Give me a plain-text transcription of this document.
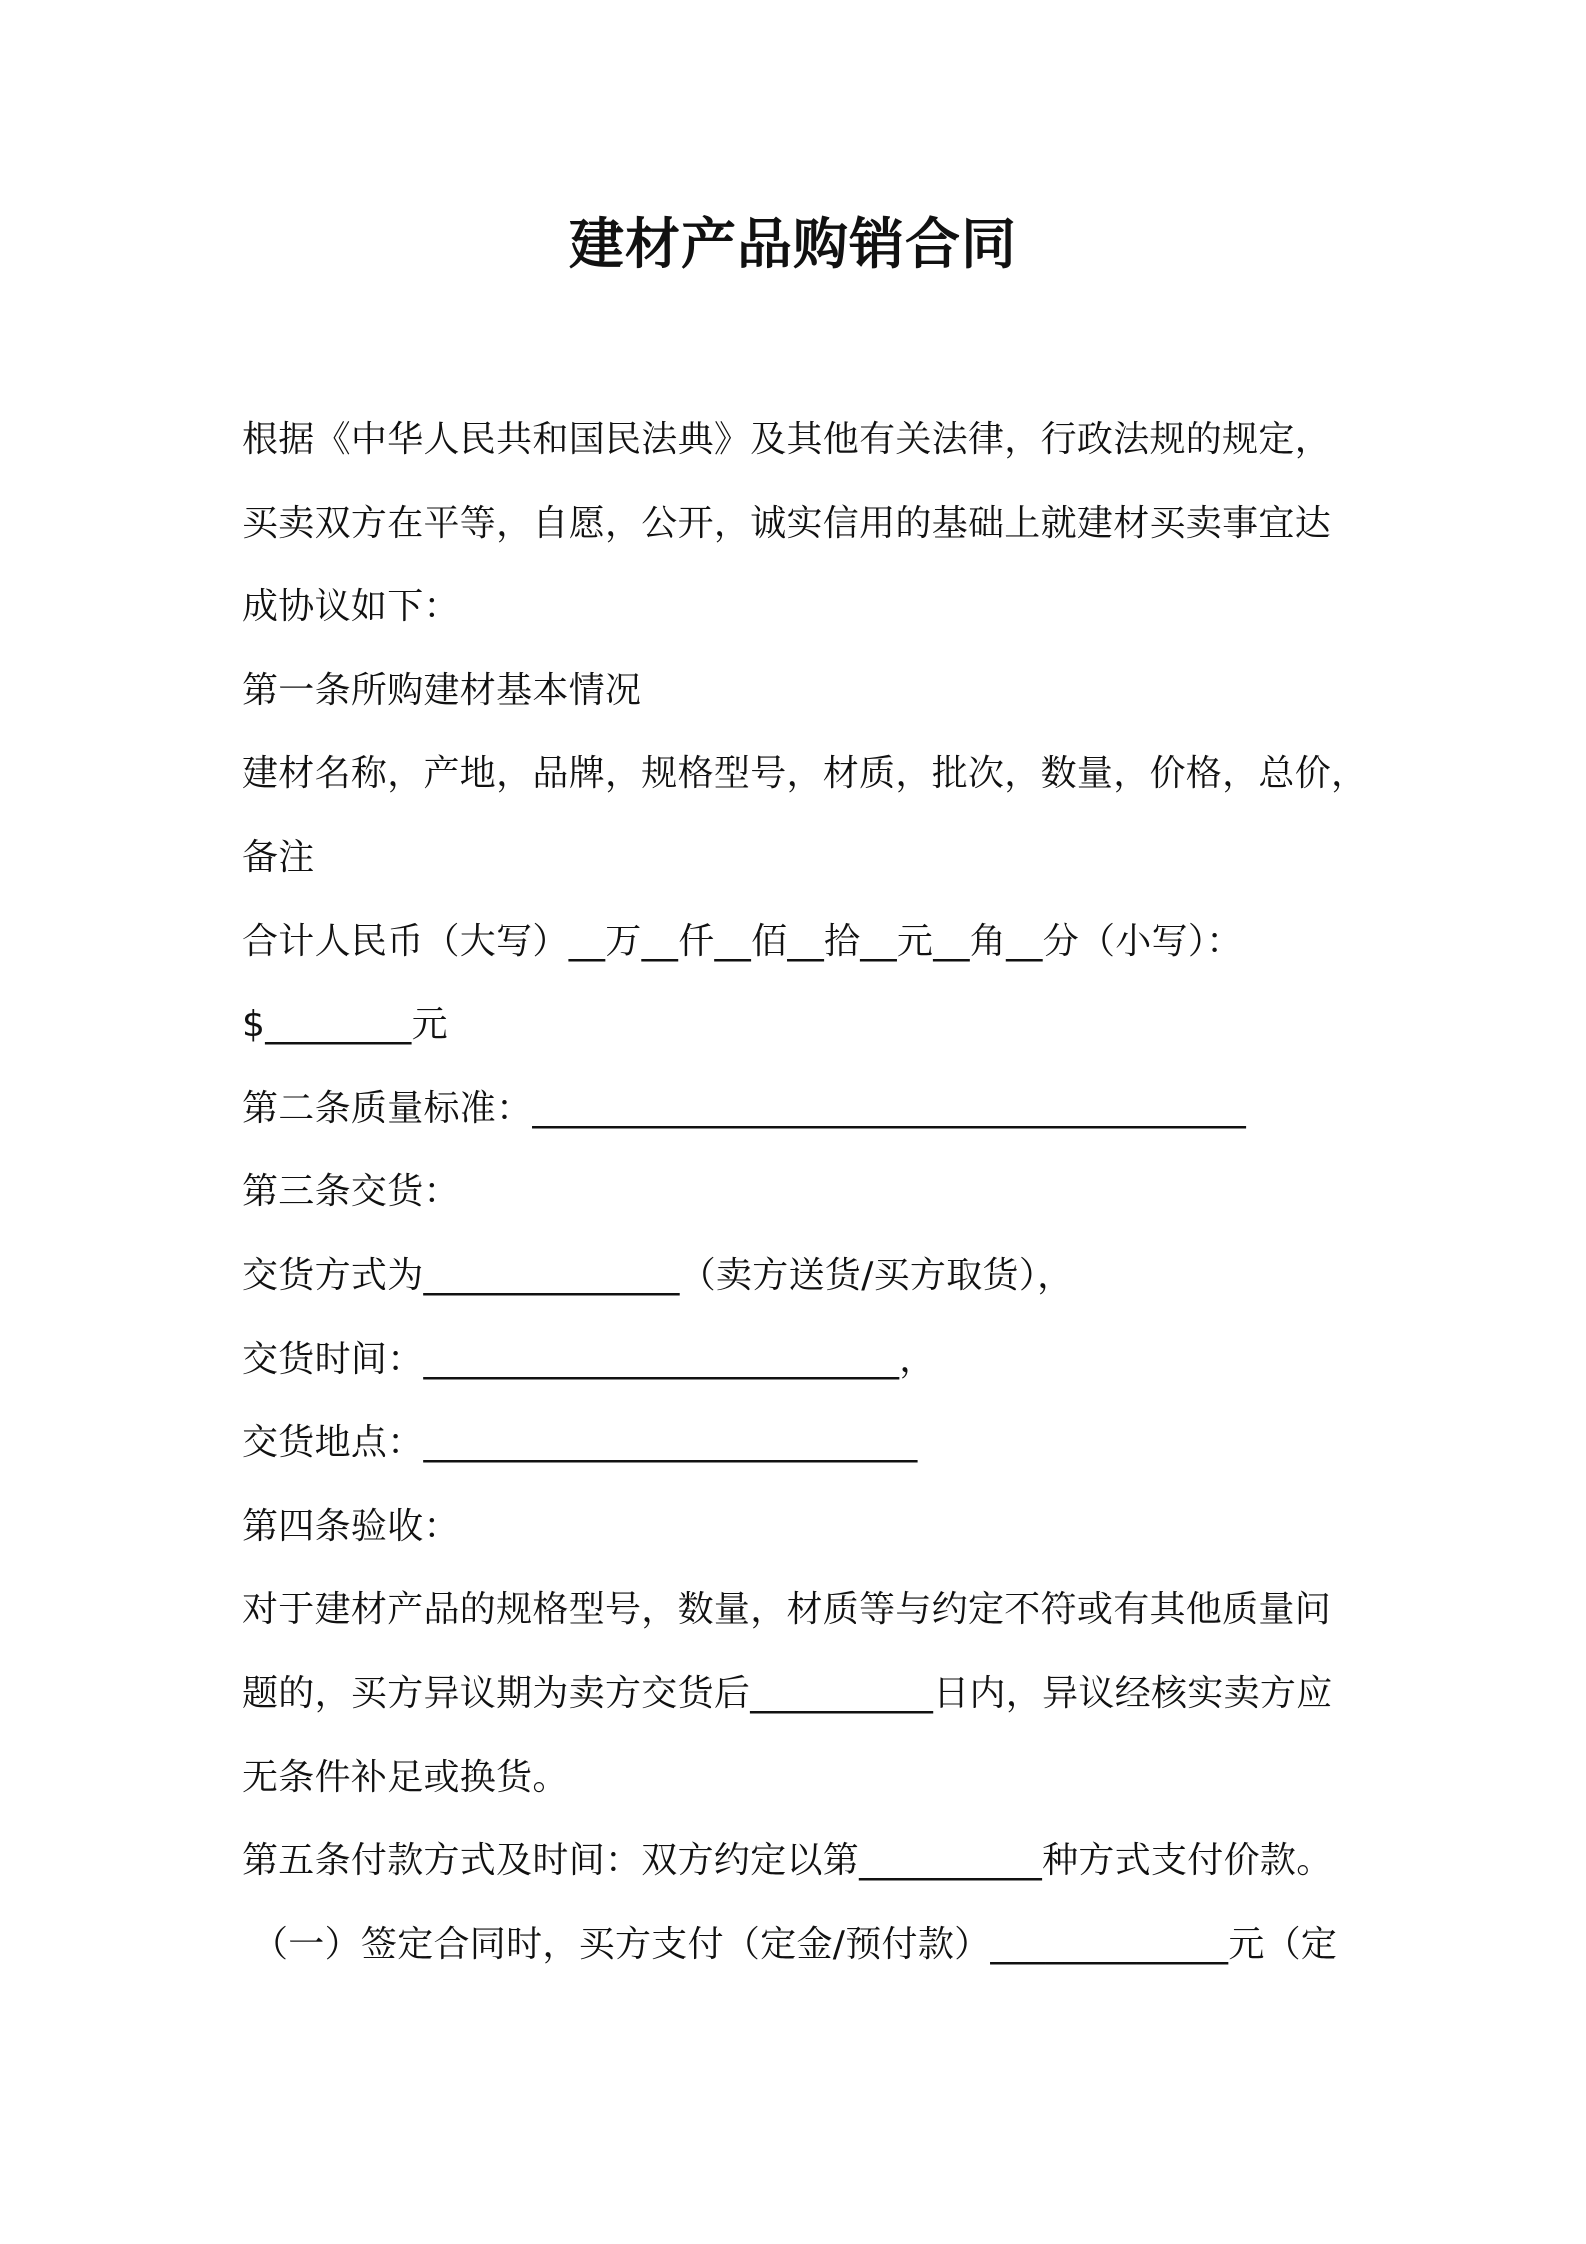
建材产品购销合同
根据《中华人民共和国民法典》及其他有关法律，行政法规的规定，
买卖双方在平等，自愿，公开，诚实信用的基础上就建材买卖事宜达
成协议如下：
第一条所购建材基本情况
建材名称，产地，品牌，规格型号，材质，批次，数量，价格，总价，
备注
合计人民币（大写）__万__仟__佰__拾__元__角__分（小写）：
$________元
第二条质量标准：_______________________________________
第三条交货：
交货方式为______________（卖方送货/买方取货），
交货时间：__________________________，
交货地点：___________________________
第四条验收：
对于建材产品的规格型号，数量，材质等与约定不符或有其他质量问
题的，买方异议期为卖方交货后__________日内，异议经核实卖方应
无条件补足或换货。
第五条付款方式及时间：双方约定以第__________种方式支付价款。
（一）签定合同时，买方支付（定金/预付款）_____________元（定
